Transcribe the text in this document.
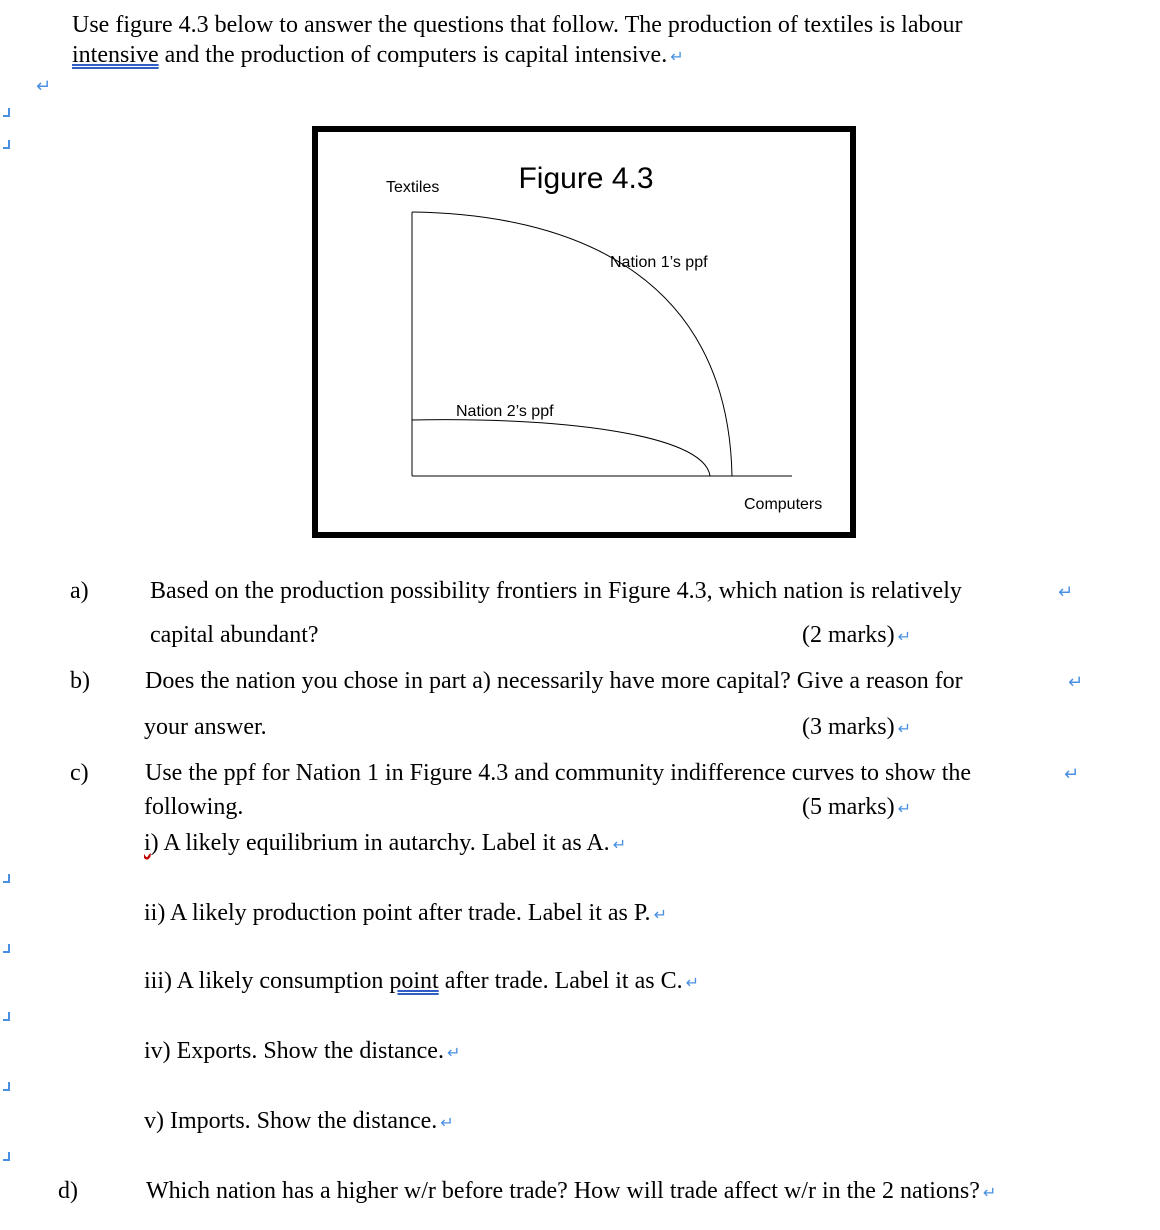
Use figure 4.3 below to answer the questions that follow. The production of textiles is labour
intensive and the production of computers is capital intensive. ↵
↵
Figure 4.3
Textiles
Computers
Nation 1’s ppf
Nation 2’s ppf
a)	Based on the production possibility frontiers in Figure 4.3, which nation is relatively	↵
capital abundant?	(2 marks) ↵
b) Does the nation you chose in part a) necessarily have more capital? Give a reason for	↵
your answer.	(3 marks) ↵
c) Use the ppf for Nation 1 in Figure 4.3 and community indifference curves to show the	↵
following.	(5 marks) ↵
i) A likely equilibrium in autarchy. Label it as A. ↵
ii) A likely production point after trade. Label it as P. ↵
iii) A likely consumption point after trade. Label it as C. ↵
iv) Exports. Show the distance. ↵
v) Imports. Show the distance. ↵
d)	Which nation has a higher w/r before trade? How will trade affect w/r in the 2 nations? ↵
